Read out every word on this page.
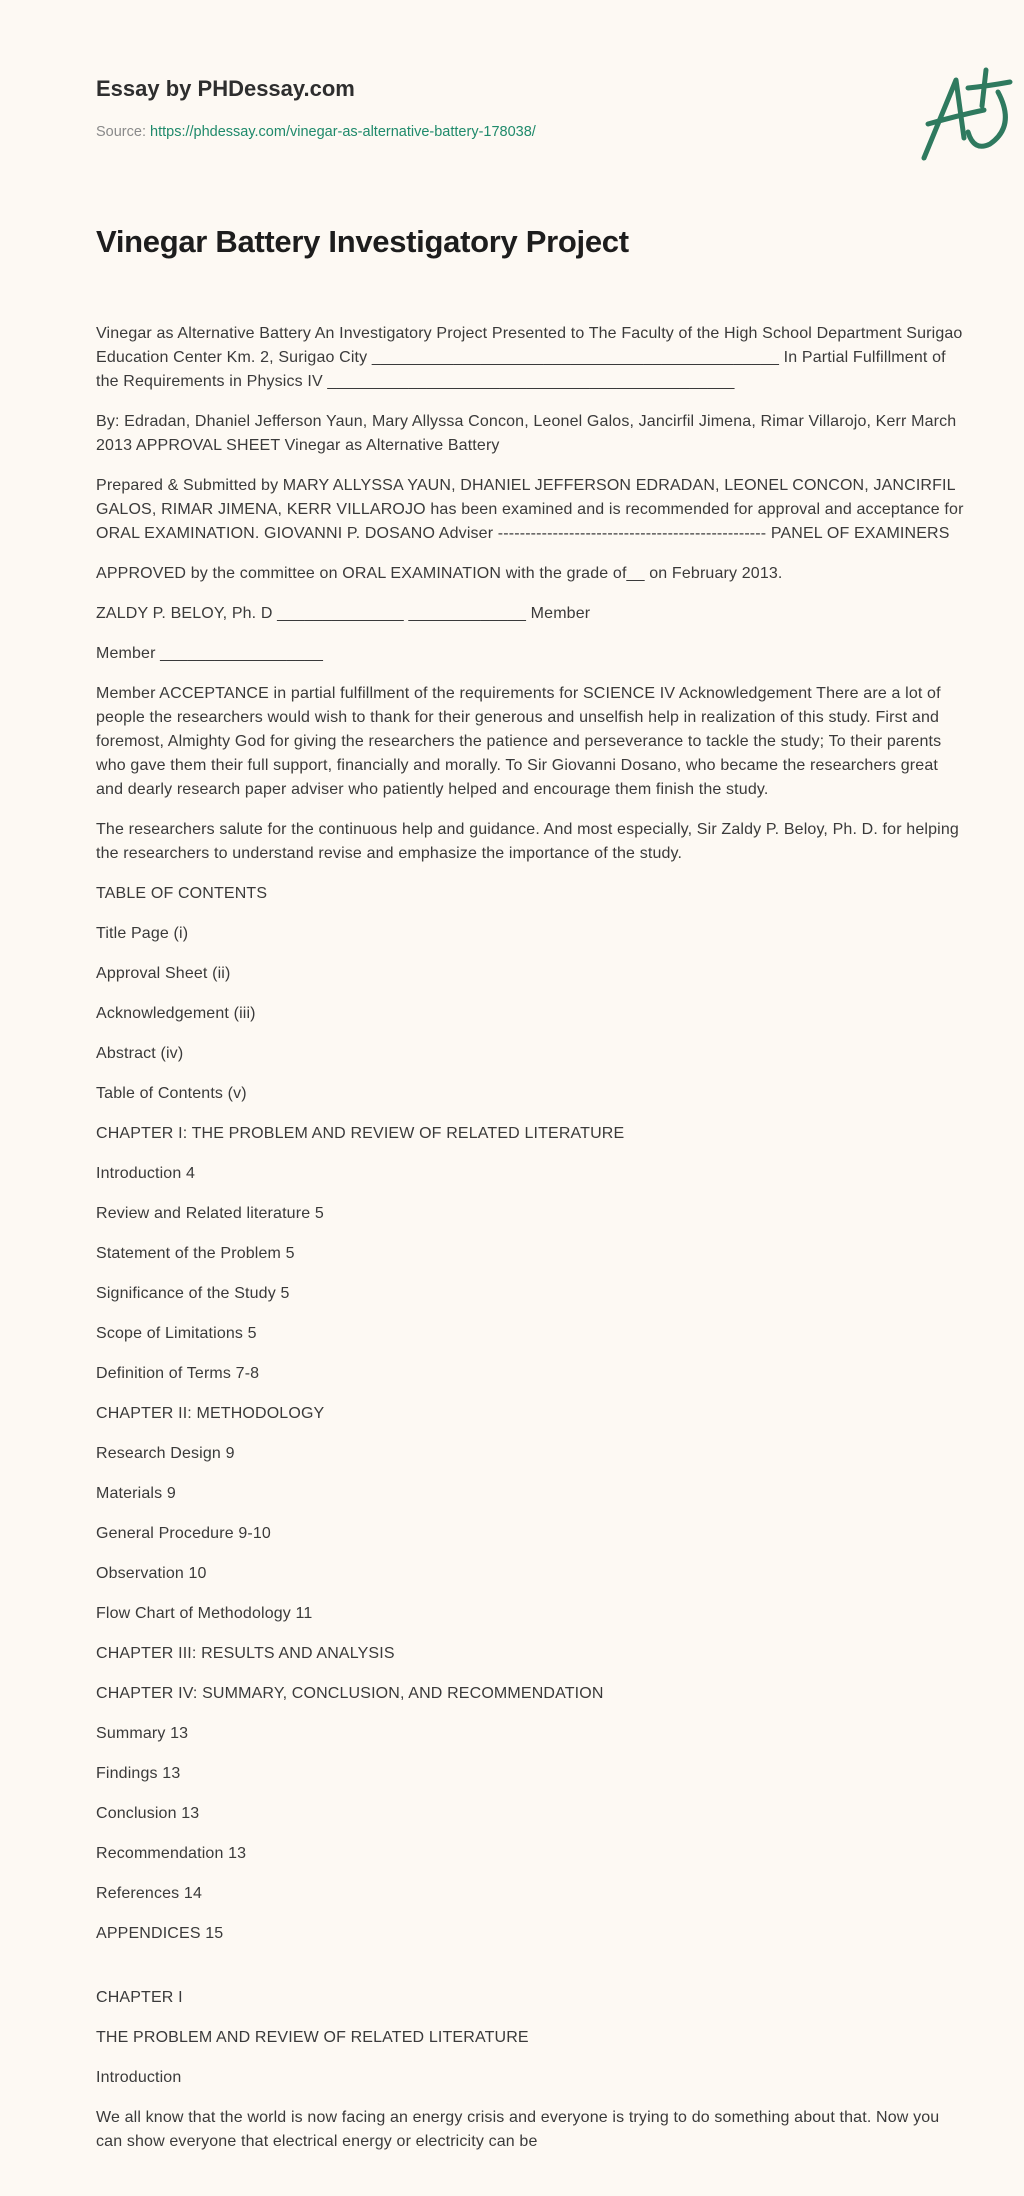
Essay by PHDessay.com
Source: https://phdessay.com/vinegar-as-alternative-battery-178038/
Vinegar Battery Investigatory Project

Vinegar as Alternative Battery An Investigatory Project Presented to The Faculty of the High School Department Surigao Education Center Km. 2, Surigao City _____________________________________________ In Partial Fulfillment of the Requirements in Physics IV _____________________________________________

By: Edradan, Dhaniel Jefferson Yaun, Mary Allyssa Concon, Leonel Galos, Jancirfil Jimena, Rimar Villarojo, Kerr March 2013 APPROVAL SHEET Vinegar as Alternative Battery

Prepared & Submitted by MARY ALLYSSA YAUN, DHANIEL JEFFERSON EDRADAN, LEONEL CONCON, JANCIRFIL GALOS, RIMAR JIMENA, KERR VILLAROJO has been examined and is recommended for approval and acceptance for ORAL EXAMINATION. GIOVANNI P. DOSANO Adviser ------------------------------------------------- PANEL OF EXAMINERS

APPROVED by the committee on ORAL EXAMINATION with the grade of__ on February 2013.

ZALDY P. BELOY, Ph. D ______________ _____________ Member

Member __________________

Member ACCEPTANCE in partial fulfillment of the requirements for SCIENCE IV Acknowledgement There are a lot of people the researchers would wish to thank for their generous and unselfish help in realization of this study. First and foremost, Almighty God for giving the researchers the patience and perseverance to tackle the study; To their parents who gave them their full support, financially and morally. To Sir Giovanni Dosano, who became the researchers great and dearly research paper adviser who patiently helped and encourage them finish the study.

The researchers salute for the continuous help and guidance. And most especially, Sir Zaldy P. Beloy, Ph. D. for helping the researchers to understand revise and emphasize the importance of the study.

TABLE OF CONTENTS

Title Page (i)

Approval Sheet (ii)

Acknowledgement (iii)

Abstract (iv)

Table of Contents (v)

CHAPTER I: THE PROBLEM AND REVIEW OF RELATED LITERATURE

Introduction 4

Review and Related literature 5

Statement of the Problem 5

Significance of the Study 5

Scope of Limitations 5

Definition of Terms 7-8

CHAPTER II: METHODOLOGY

Research Design 9

Materials 9

General Procedure 9-10

Observation 10

Flow Chart of Methodology 11

CHAPTER III: RESULTS AND ANALYSIS

CHAPTER IV: SUMMARY, CONCLUSION, AND RECOMMENDATION

Summary 13

Findings 13

Conclusion 13

Recommendation 13

References 14

APPENDICES 15

CHAPTER I

THE PROBLEM AND REVIEW OF RELATED LITERATURE

Introduction

We all know that the world is now facing an energy crisis and everyone is trying to do something about that. Now you can show everyone that electrical energy or electricity can be
